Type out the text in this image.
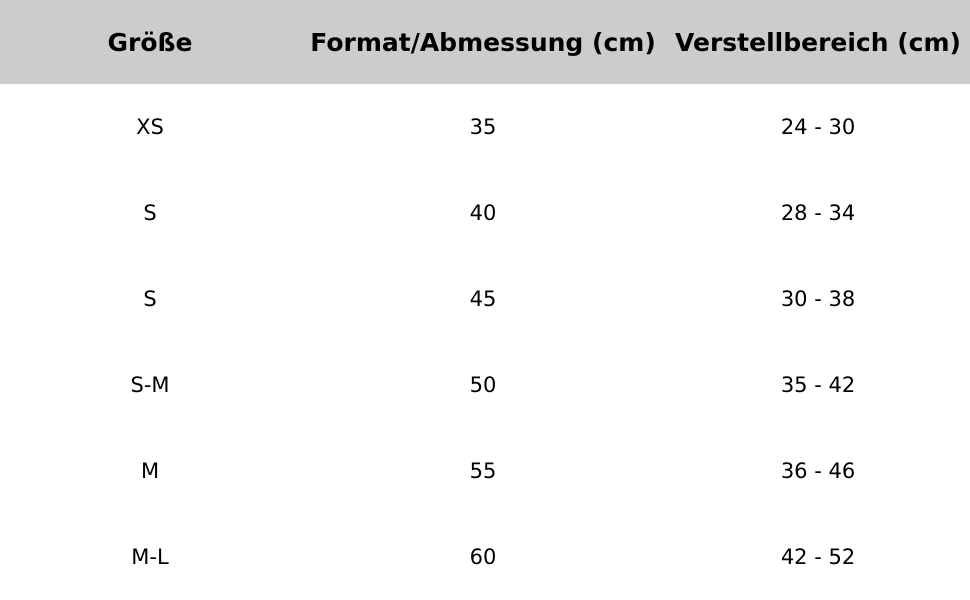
Größe	Format/Abmessung (cm)	Verstellbereich (cm)
XS	35	24 - 30
S	40	28 - 34
S	45	30 - 38
S-M	50	35 - 42
M	55	36 - 46
M-L	60	42 - 52
